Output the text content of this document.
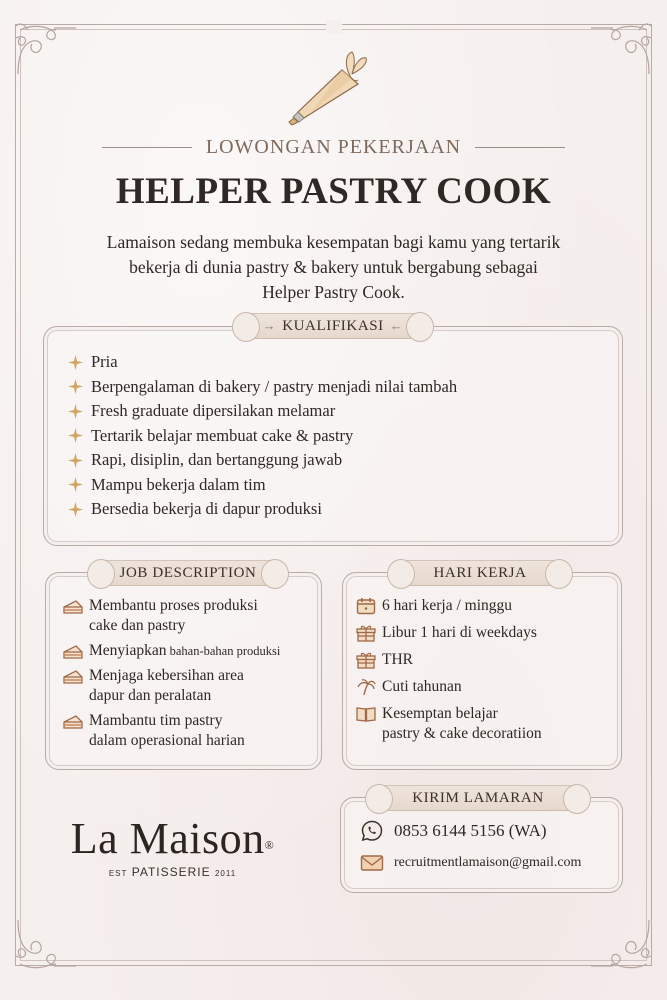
LOWONGAN PEKERJAAN
HELPER PASTRY COOK
Lamaison sedang membuka kesempatan bagi kamu yang tertarik
bekerja di dunia pastry & bakery untuk bergabung sebagai
Helper Pastry Cook.
→ KUALIFIKASI ←
Pria
Berpengalaman di bakery / pastry menjadi nilai tambah
Fresh graduate dipersilakan melamar
Tertarik belajar membuat cake & pastry
Rapi, disiplin, dan bertanggung jawab
Mampu bekerja dalam tim
Bersedia bekerja di dapur produksi
JOB DESCRIPTION
Membantu proses produksi
cake dan pastry
Menyiapkan bahan-bahan produksi
Menjaga kebersihan area
dapur dan peralatan
Mambantu tim pastry
dalam operasional harian
HARI KERJA
6 hari kerja / minggu
Libur 1 hari di weekdays
THR
Cuti tahunan
Kesemptan belajar
pastry & cake decoratiion
KIRIM LAMARAN
0853 6144 5156 (WA)
recruitmentlamaison@gmail.com
La Maison®
EST PATISSERIE 2011
